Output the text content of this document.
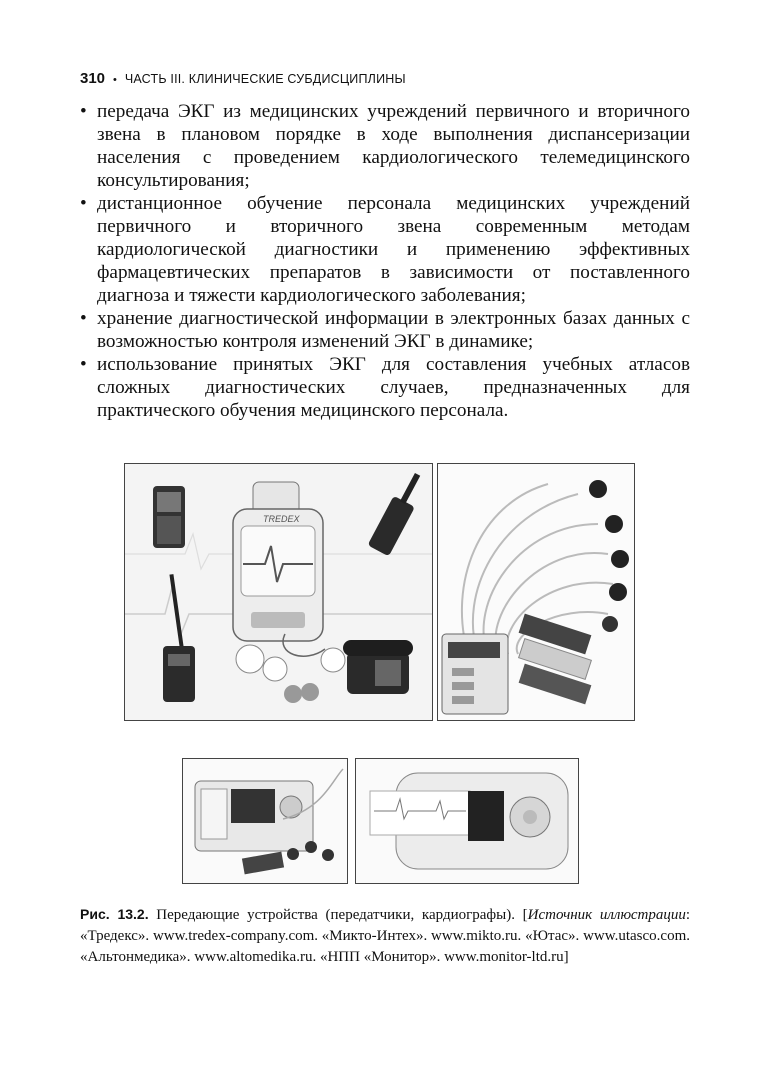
310 • ЧАСТЬ III. КЛИНИЧЕСКИЕ СУБДИСЦИПЛИНЫ
• передача ЭКГ из медицинских учреждений первичного и вторичного звена в плановом порядке в ходе выполнения диспансеризации населения с проведением кардиологического телемедицинского консультирования;
• дистанционное обучение персонала медицинских учреждений первичного и вторичного звена современным методам кардиологической диагностики и применению эффективных фармацевтических препаратов в зависимости от поставленного диагноза и тяжести кардиологического заболевания;
• хранение диагностической информации в электронных базах данных с возможностью контроля изменений ЭКГ в динамике;
• использование принятых ЭКГ для составления учебных атласов сложных диагностических случаев, предназначенных для практического обучения медицинского персонала.
TREDEX
Рис. 13.2. Передающие устройства (передатчики, кардиографы). [Источник иллюстрации: «Тредекс». www.tredex-company.com. «Микто-Интех». www.mikto.ru. «Ютас». www.utasco.com. «Альтонмедика». www.altomedika.ru. «НПП «Монитор». www.monitor-ltd.ru]
